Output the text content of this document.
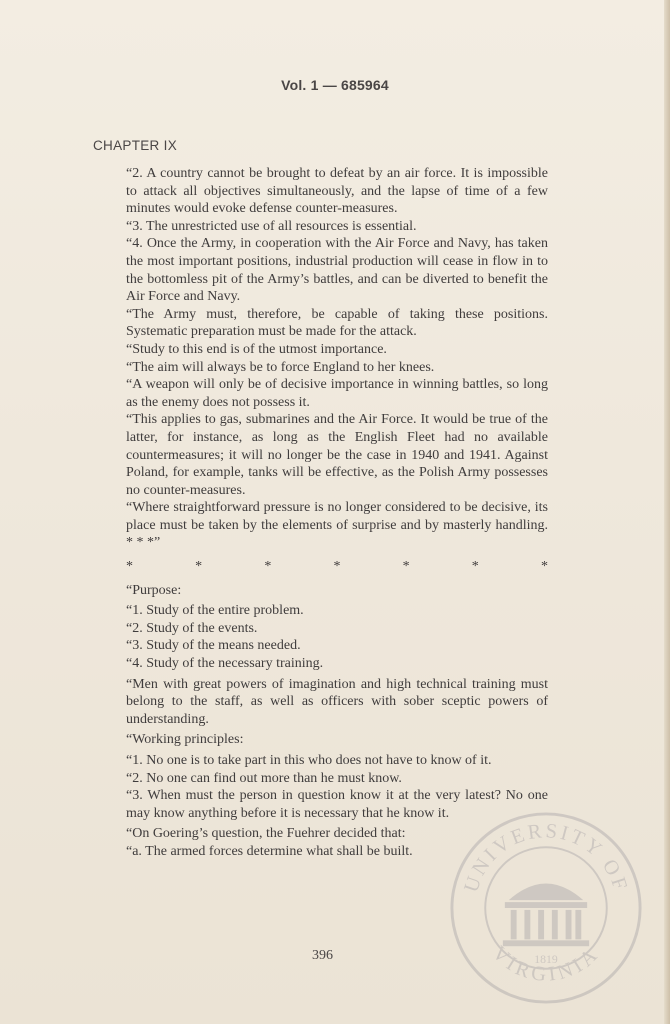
Vol. 1 — 685964
CHAPTER IX

“2. A country cannot be brought to defeat by an air force. It is impossible to attack all objectives simultaneously, and the lapse of time of a few minutes would evoke defense counter-measures.

“3. The unrestricted use of all resources is essential.

“4. Once the Army, in cooperation with the Air Force and Navy, has taken the most important positions, industrial production will cease in flow in to the bottomless pit of the Army’s battles, and can be diverted to benefit the Air Force and Navy.

“The Army must, therefore, be capable of taking these positions. Systematic preparation must be made for the attack.

“Study to this end is of the utmost importance.

“The aim will always be to force England to her knees.

“A weapon will only be of decisive importance in winning battles, so long as the enemy does not possess it.

“This applies to gas, submarines and the Air Force. It would be true of the latter, for instance, as long as the English Fleet had no available countermeasures; it will no longer be the case in 1940 and 1941. Against Poland, for example, tanks will be effective, as the Polish Army possesses no counter-measures.

“Where straightforward pressure is no longer considered to be decisive, its place must be taken by the elements of surprise and by masterly handling. * * *”

*	*	*	*	*	*	*

“Purpose:

“1. Study of the entire problem.

“2. Study of the events.

“3. Study of the means needed.

“4. Study of the necessary training.

“Men with great powers of imagination and high technical training must belong to the staff, as well as officers with sober sceptic powers of understanding.

“Working principles:

“1. No one is to take part in this who does not have to know of it.

“2. No one can find out more than he must know.

“3. When must the person in question know it at the very latest? No one may know anything before it is necessary that he know it.

“On Goering’s question, the Fuehrer decided that:

“a. The armed forces determine what shall be built.

396
UNIVERSITY OF
VIRGINIA
1819
